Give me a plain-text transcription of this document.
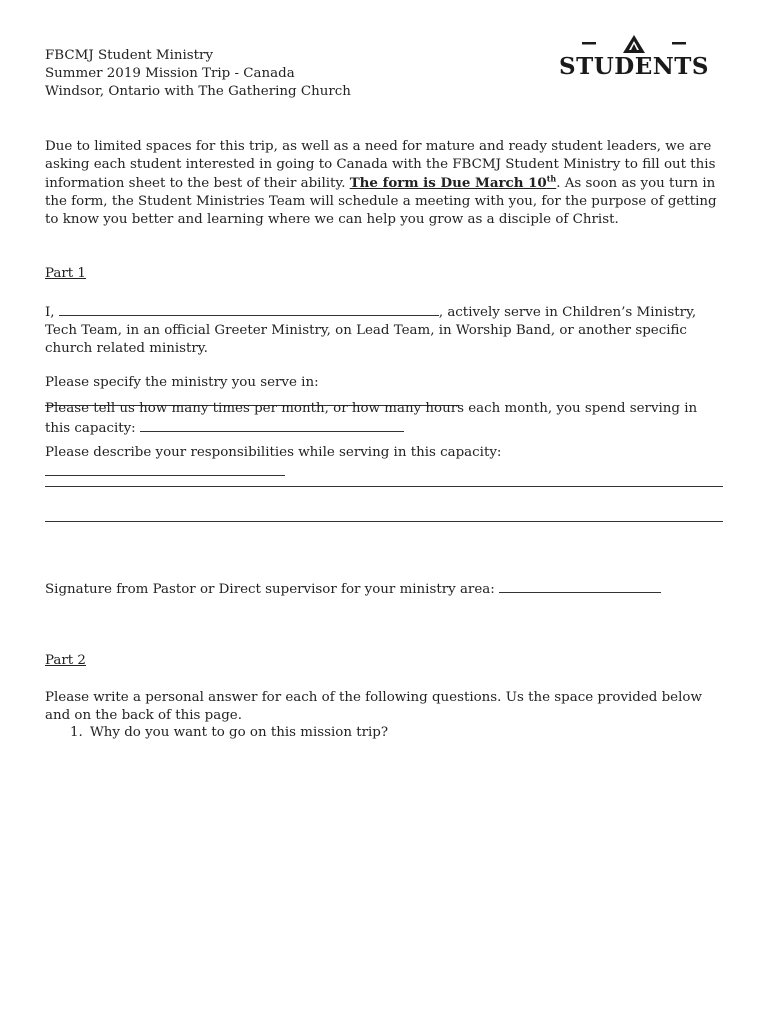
FBCMJ Student Ministry
Summer 2019 Mission Trip - Canada
Windsor, Ontario with The Gathering Church
STUDENTS
Due to limited spaces for this trip, as well as a need for mature and ready student leaders, we are asking each student interested in going to Canada with the FBCMJ Student Ministry to fill out this information sheet to the best of their ability. The form is Due March 10th. As soon as you turn in the form, the Student Ministries Team will schedule a meeting with you, for the purpose of getting to know you better and learning where we can help you grow as a disciple of Christ.
Part 1
I,	, actively serve in Children’s Ministry, Tech Team, in an official Greeter Ministry, on Lead Team, in Worship Band, or another specific church related ministry.
Please specify the ministry you serve in:
Please tell us how many times per month, or how many hours each month, you spend serving in this capacity:
Please describe your responsibilities while serving in this capacity:
Signature from Pastor or Direct supervisor for your ministry area:
Part 2
Please write a personal answer for each of the following questions. Us the space provided below and on the back of this page.
1. Why do you want to go on this mission trip?
